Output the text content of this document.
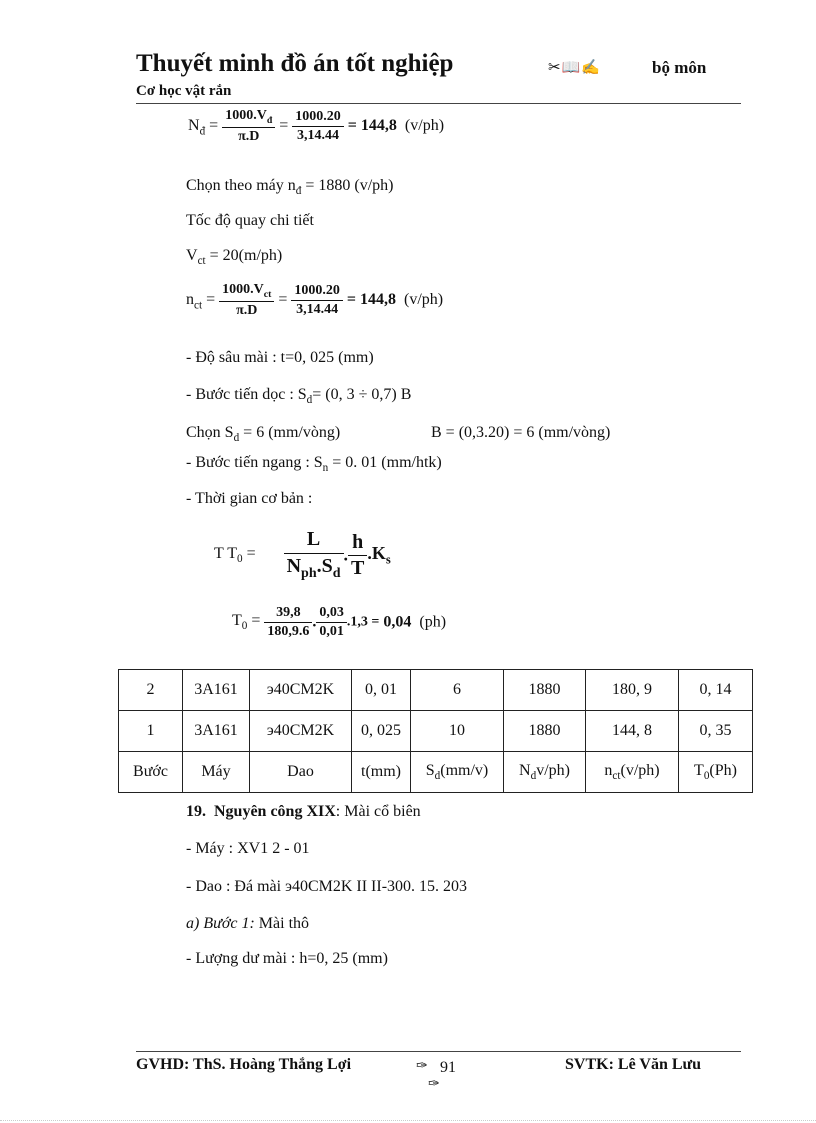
Thuyết minh đồ án tốt nghiệp	✂📖✍	bộ môn
Cơ học vật rắn
$N_đ = \frac{1000.V_đ}{\pi.D} = \frac{1000.20}{3,14.44} = 144,8$ (v/ph)
Chọn theo máy $n_đ = 1880$ (v/ph)
Tốc độ quay chi tiết
$V_{ct} = 20(m/ph)$
$n_{ct} = \frac{1000.V_{ct}}{\pi.D} = \frac{1000.20}{3,14.44} = 144,8$ (v/ph)
- Độ sâu mài : t=0, 025 (mm)
- Bước tiến dọc : $S_d= (0$, 3 ÷ 0,7) B
Chọn $S_d = 6$ (mm/vòng)	B = (0,3.20) = 6 (mm/vòng)
- Bước tiến ngang : $S_n = 0$. 01 (mm/htk)
- Thời gian cơ bản :
T $T_0 = \frac{L}{N_{ph}.S_d}$ . $\frac{h}{T} .K_s$
$T_0 = \frac{39,8}{180,9.6}$ . $\frac{0,03}{0,01} .1,3 = 0,04$ (ph)
2	3A161	э40CM2K	0, 01	6	1880	180, 9	0, 14
1	3A161	э40CM2K	0, 025	10	1880	144, 8	0, 35
Bước	Máy	Dao	t(mm)	$S_d(mm/v)$	$N_dv/ph$)	$n_{ct}(v/ph)$	$T_0(Ph)$
19. Nguyên công XIX: Mài cổ biên
- Máy : XV1 2 - 01
- Dao : Đá mài э40CM2K II II-300. 15. 203
a) Bước 1: Mài thô
- Lượng dư mài : h=0, 25 (mm)
GVHD: ThS. Hoàng Thắng Lợi	✑ 91
✑
SVTK: Lê Văn Lưu
